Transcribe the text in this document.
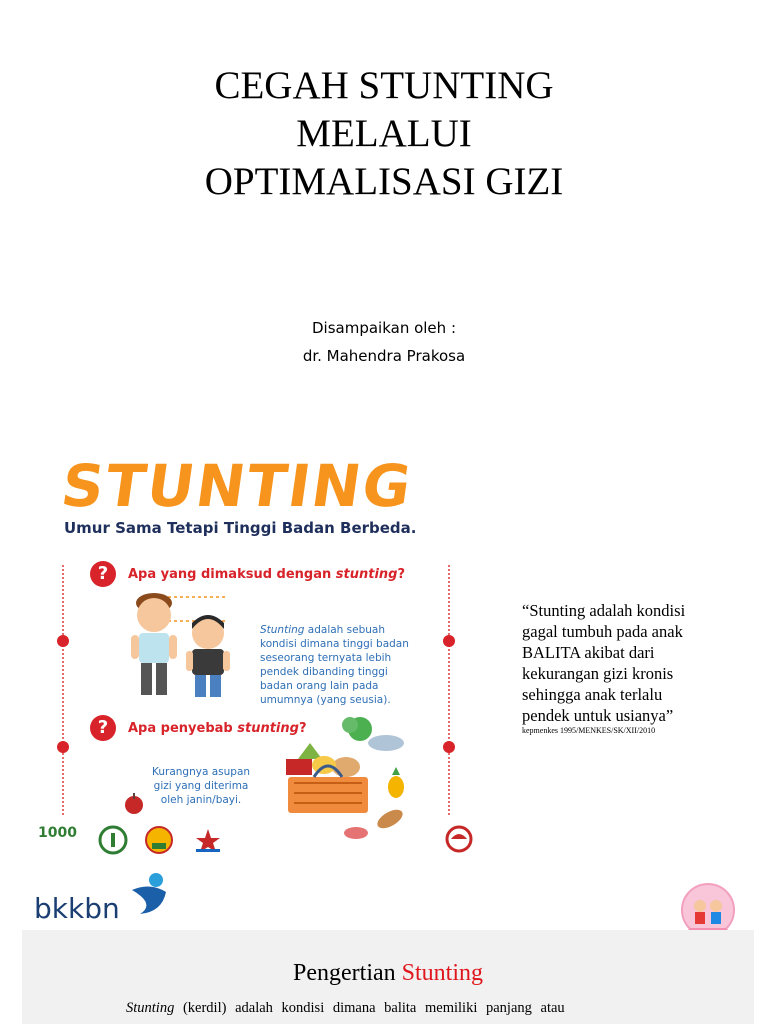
CEGAH STUNTING
MELALUI
OPTIMALISASI GIZI
Disampaikan oleh :
dr. Mahendra Prakosa
STUNTING
Umur Sama Tetapi Tinggi Badan Berbeda.
?	Apa yang dimaksud dengan stunting?
Stunting adalah sebuah
kondisi dimana tinggi badan
seseorang ternyata lebih
pendek dibanding tinggi
badan orang lain pada
umumnya (yang seusia).
?	Apa penyebab stunting?
Kurangnya asupan
gizi yang diterima
oleh janin/bayi.
1000
“Stunting adalah kondisi
gagal tumbuh pada anak
BALITA akibat dari
kekurangan gizi kronis
sehingga anak terlalu
pendek untuk usianya”
kepmenkes 1995/MENKES/SK/XII/2010
bkkbn
Pengertian Stunting
Stunting (kerdil) adalah kondisi dimana balita memiliki panjang atau
